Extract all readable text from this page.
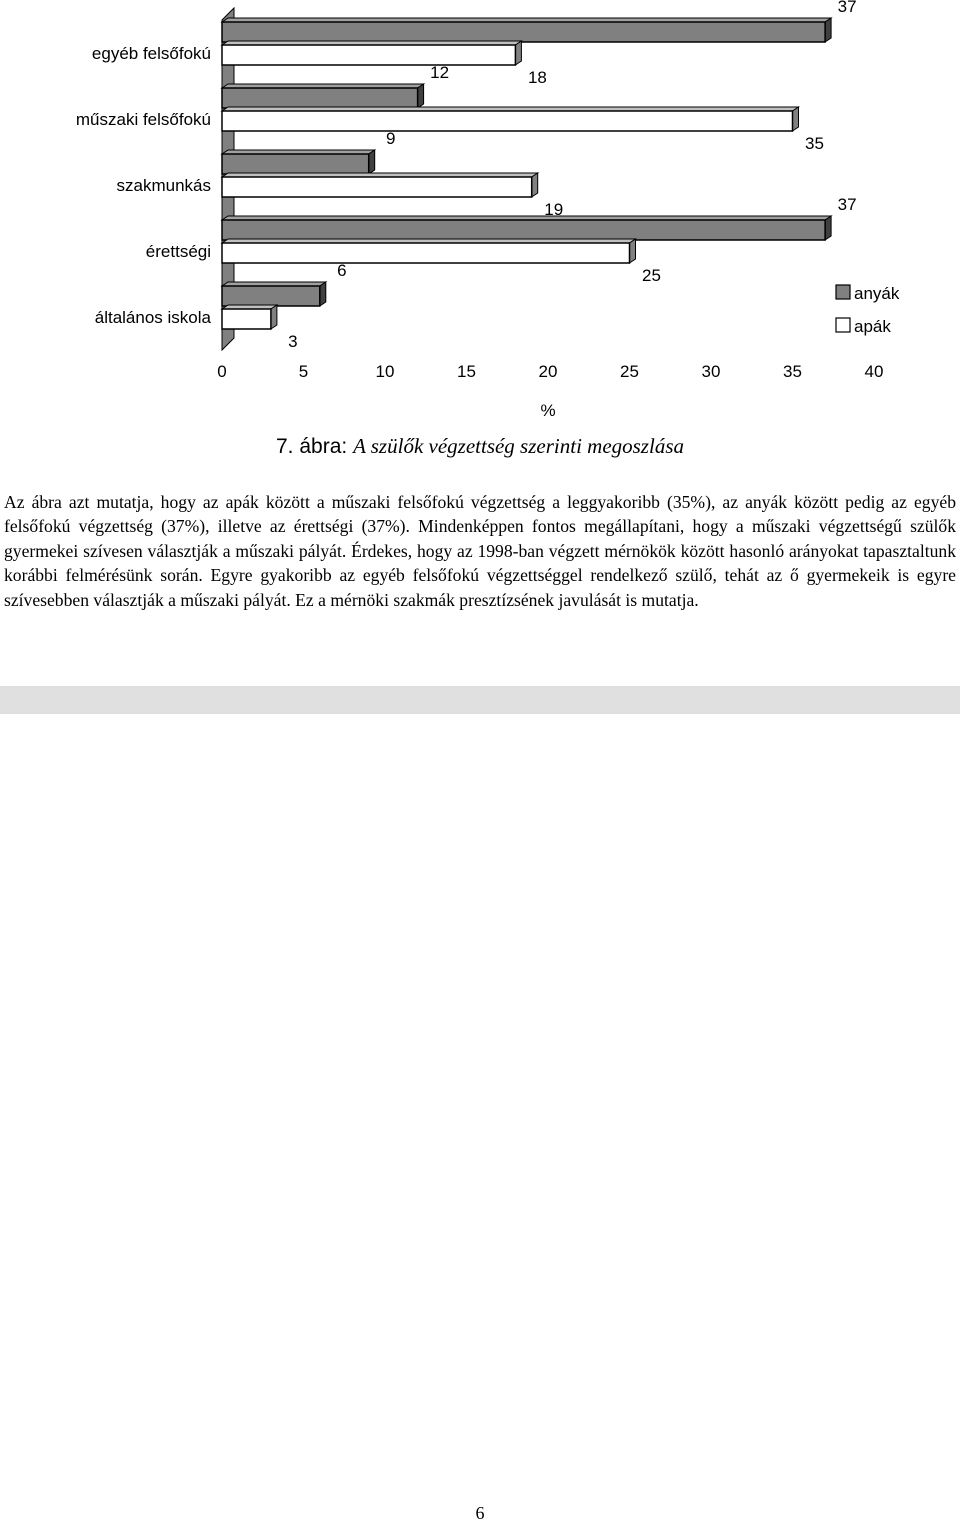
0	5	10	15	20	25	30	35	40
%
egyéb felsőfokú
37
18
műszaki felsőfokú
12
35
szakmunkás
9
19
érettségi
37
25
általános iskola
6
3
anyák
apák
7. ábra: A szülők végzettség szerinti megoszlása

Az ábra azt mutatja, hogy az apák között a műszaki felsőfokú végzettség a leggyakoribb (35%), az anyák között pedig az egyéb felsőfokú végzettség (37%), illetve az érettségi (37%). Mindenképpen fontos megállapítani, hogy a műszaki végzettségű szülők gyermekei szívesen választják a műszaki pályát. Érdekes, hogy az 1998-ban végzett mérnökök között hasonló arányokat tapasztaltunk korábbi felmérésünk során. Egyre gyakoribb az egyéb felsőfokú végzettséggel rendelkező szülő, tehát az ő gyermekeik is egyre szívesebben választják a műszaki pályát. Ez a mérnöki szakmák presztízsének javulását is mutatja.

6
